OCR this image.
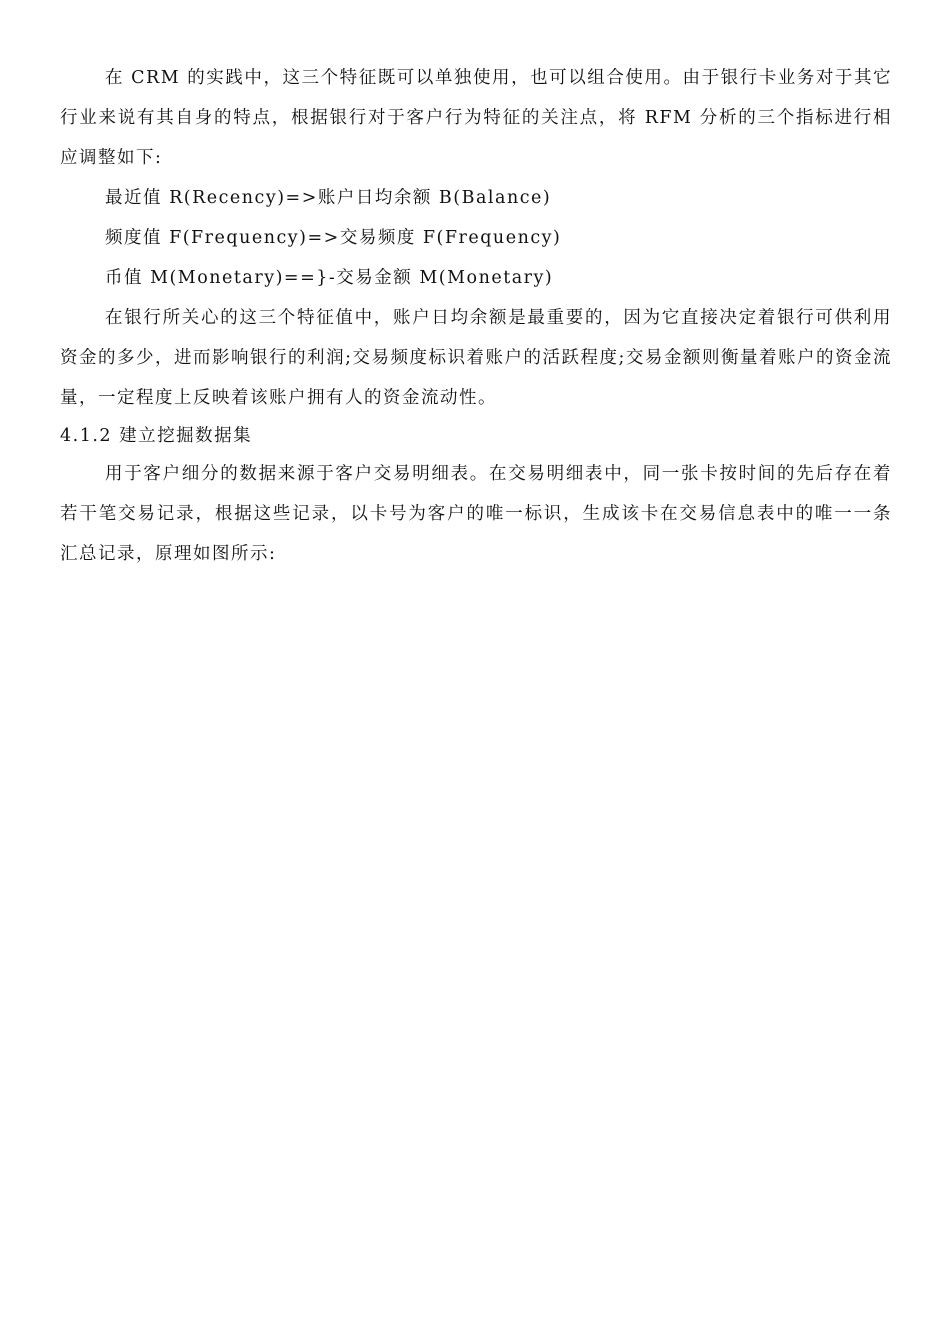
在 CRM 的实践中，这三个特征既可以单独使用，也可以组合使用。由于银行卡业务对于其它行业来说有其自身的特点，根据银行对于客户行为特征的关注点，将 RFM 分析的三个指标进行相应调整如下:

最近值 R(Recency)=>账户日均余额 B(Balance)

频度值 F(Frequency)=>交易频度 F(Frequency)

币值 M(Monetary)==}-交易金额 M(Monetary)

在银行所关心的这三个特征值中，账户日均余额是最重要的，因为它直接决定着银行可供利用资金的多少，进而影响银行的利润;交易频度标识着账户的活跃程度;交易金额则衡量着账户的资金流量，一定程度上反映着该账户拥有人的资金流动性。

4.1.2 建立挖掘数据集

用于客户细分的数据来源于客户交易明细表。在交易明细表中，同一张卡按时间的先后存在着若干笔交易记录，根据这些记录，以卡号为客户的唯一标识，生成该卡在交易信息表中的唯一一条汇总记录，原理如图所示:
